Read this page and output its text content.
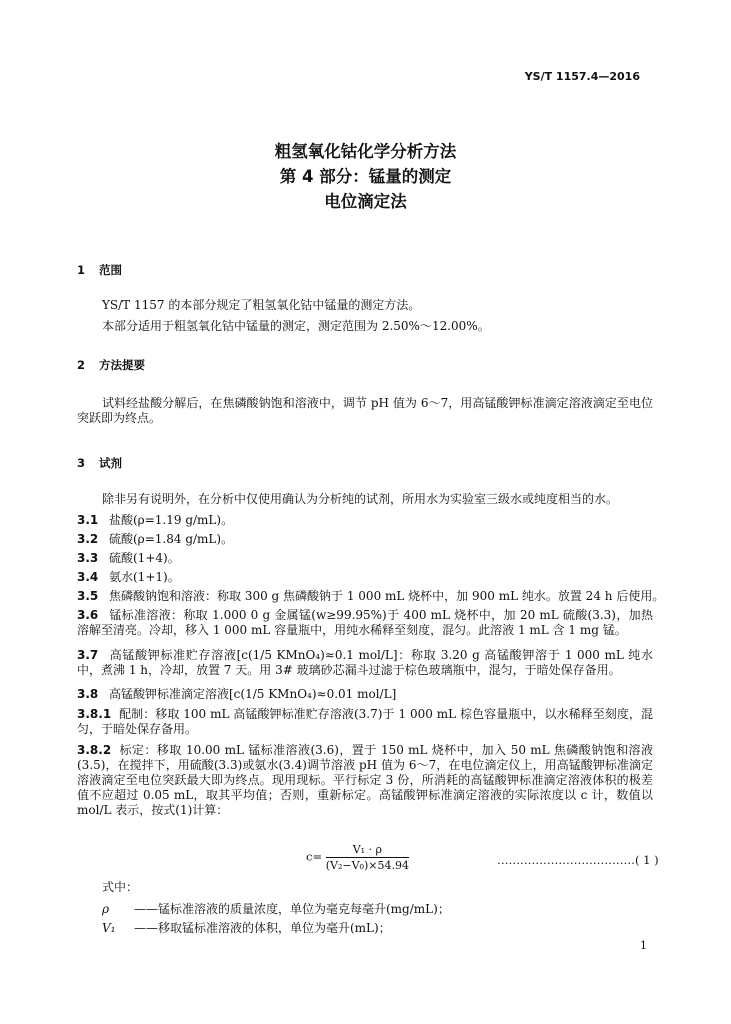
YS/T 1157.4—2016
粗氢氧化钴化学分析方法
第 4 部分：锰量的测定
电位滴定法
1 范围
YS/T 1157 的本部分规定了粗氢氧化钴中锰量的测定方法。
本部分适用于粗氢氧化钴中锰量的测定，测定范围为 2.50%～12.00%。
2 方法提要
试料经盐酸分解后，在焦磷酸钠饱和溶液中，调节 pH 值为 6～7，用高锰酸钾标准滴定溶液滴定至电位突跃即为终点。
3 试剂
除非另有说明外，在分析中仅使用确认为分析纯的试剂，所用水为实验室三级水或纯度相当的水。
3.1 盐酸(ρ=1.19 g/mL)。
3.2 硫酸(ρ=1.84 g/mL)。
3.3 硫酸(1+4)。
3.4 氨水(1+1)。
3.5 焦磷酸钠饱和溶液：称取 300 g 焦磷酸钠于 1 000 mL 烧杯中，加 900 mL 纯水。放置 24 h 后使用。
3.6 锰标准溶液：称取 1.000 0 g 金属锰(w≥99.95%)于 400 mL 烧杯中，加 20 mL 硫酸(3.3)，加热溶解至清亮。冷却，移入 1 000 mL 容量瓶中，用纯水稀释至刻度，混匀。此溶液 1 mL 含 1 mg 锰。
3.7 高锰酸钾标准贮存溶液[c(1/5 KMnO₄)≈0.1 mol/L]：称取 3.20 g 高锰酸钾溶于 1 000 mL 纯水中，煮沸 1 h，冷却，放置 7 天。用 3# 玻璃砂芯漏斗过滤于棕色玻璃瓶中，混匀，于暗处保存备用。
3.8 高锰酸钾标准滴定溶液[c(1/5 KMnO₄)≈0.01 mol/L]
3.8.1 配制：移取 100 mL 高锰酸钾标准贮存溶液(3.7)于 1 000 mL 棕色容量瓶中，以水稀释至刻度，混匀，于暗处保存备用。
3.8.2 标定：移取 10.00 mL 锰标准溶液(3.6)，置于 150 mL 烧杯中，加入 50 mL 焦磷酸钠饱和溶液(3.5)，在搅拌下，用硫酸(3.3)或氨水(3.4)调节溶液 pH 值为 6～7，在电位滴定仪上，用高锰酸钾标准滴定溶液滴定至电位突跃最大即为终点。现用现标。平行标定 3 份，所消耗的高锰酸钾标准滴定溶液体积的极差值不应超过 0.05 mL，取其平均值；否则，重新标定。高锰酸钾标准滴定溶液的实际浓度以 c 计，数值以 mol/L 表示，按式(1)计算：
$c= \frac{\text{V₁ · ρ}}{\text{(V₂−V₀)×54.94}}$	………………………………( 1 )
式中：
ρ ——锰标准溶液的质量浓度，单位为毫克每毫升(mg/mL)；
V₁ ——移取锰标准溶液的体积，单位为毫升(mL)；
1
